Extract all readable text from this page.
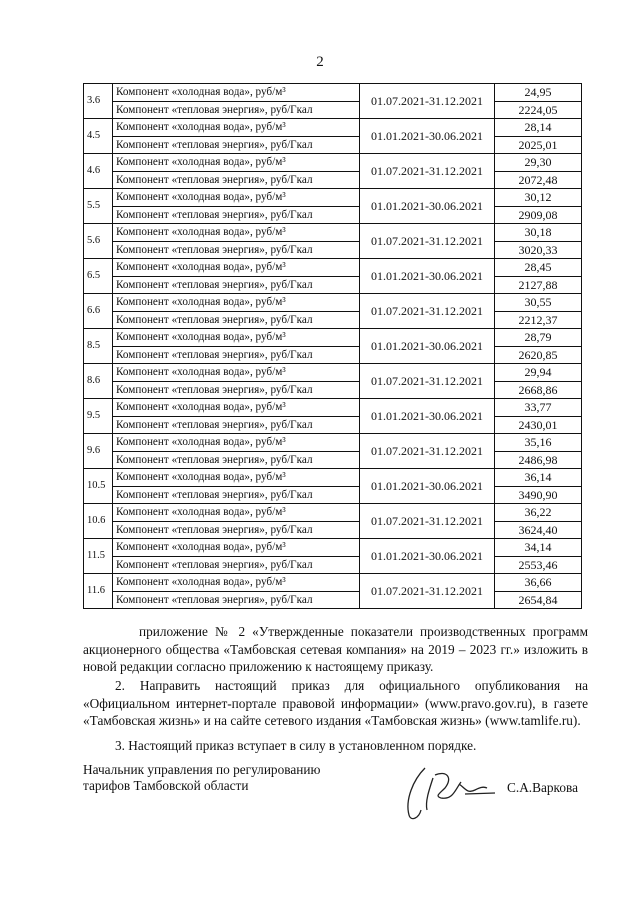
2
3.6	Компонент «холодная вода», руб/м³	01.07.2021-31.12.2021	24,95
	Компонент «тепловая энергия», руб/Гкал		2224,05
4.5	Компонент «холодная вода», руб/м³	01.01.2021-30.06.2021	28,14
	Компонент «тепловая энергия», руб/Гкал		2025,01
4.6	Компонент «холодная вода», руб/м³	01.07.2021-31.12.2021	29,30
	Компонент «тепловая энергия», руб/Гкал		2072,48
5.5	Компонент «холодная вода», руб/м³	01.01.2021-30.06.2021	30,12
	Компонент «тепловая энергия», руб/Гкал		2909,08
5.6	Компонент «холодная вода», руб/м³	01.07.2021-31.12.2021	30,18
	Компонент «тепловая энергия», руб/Гкал		3020,33
6.5	Компонент «холодная вода», руб/м³	01.01.2021-30.06.2021	28,45
	Компонент «тепловая энергия», руб/Гкал		2127,88
6.6	Компонент «холодная вода», руб/м³	01.07.2021-31.12.2021	30,55
	Компонент «тепловая энергия», руб/Гкал		2212,37
8.5	Компонент «холодная вода», руб/м³	01.01.2021-30.06.2021	28,79
	Компонент «тепловая энергия», руб/Гкал		2620,85
8.6	Компонент «холодная вода», руб/м³	01.07.2021-31.12.2021	29,94
	Компонент «тепловая энергия», руб/Гкал		2668,86
9.5	Компонент «холодная вода», руб/м³	01.01.2021-30.06.2021	33,77
	Компонент «тепловая энергия», руб/Гкал		2430,01
9.6	Компонент «холодная вода», руб/м³	01.07.2021-31.12.2021	35,16
	Компонент «тепловая энергия», руб/Гкал		2486,98
10.5	Компонент «холодная вода», руб/м³	01.01.2021-30.06.2021	36,14
	Компонент «тепловая энергия», руб/Гкал		3490,90
10.6	Компонент «холодная вода», руб/м³	01.07.2021-31.12.2021	36,22
	Компонент «тепловая энергия», руб/Гкал		3624,40
11.5	Компонент «холодная вода», руб/м³	01.01.2021-30.06.2021	34,14
	Компонент «тепловая энергия», руб/Гкал		2553,46
11.6	Компонент «холодная вода», руб/м³	01.07.2021-31.12.2021	36,66
	Компонент «тепловая энергия», руб/Гкал		2654,84
приложение № 2 «Утвержденные показатели производственных программ акционерного общества «Тамбовская сетевая компания» на 2019 – 2023 гг.» изложить в новой редакции согласно приложению к настоящему приказу.
2. Направить настоящий приказ для официального опубликования на «Официальном интернет-портале правовой информации» (www.pravo.gov.ru), в газете «Тамбовская жизнь» и на сайте сетевого издания «Тамбовская жизнь» (www.tamlife.ru).
3. Настоящий приказ вступает в силу в установленном порядке.
Начальник управления по регулированию
тарифов Тамбовской области	С.А.Варкова
